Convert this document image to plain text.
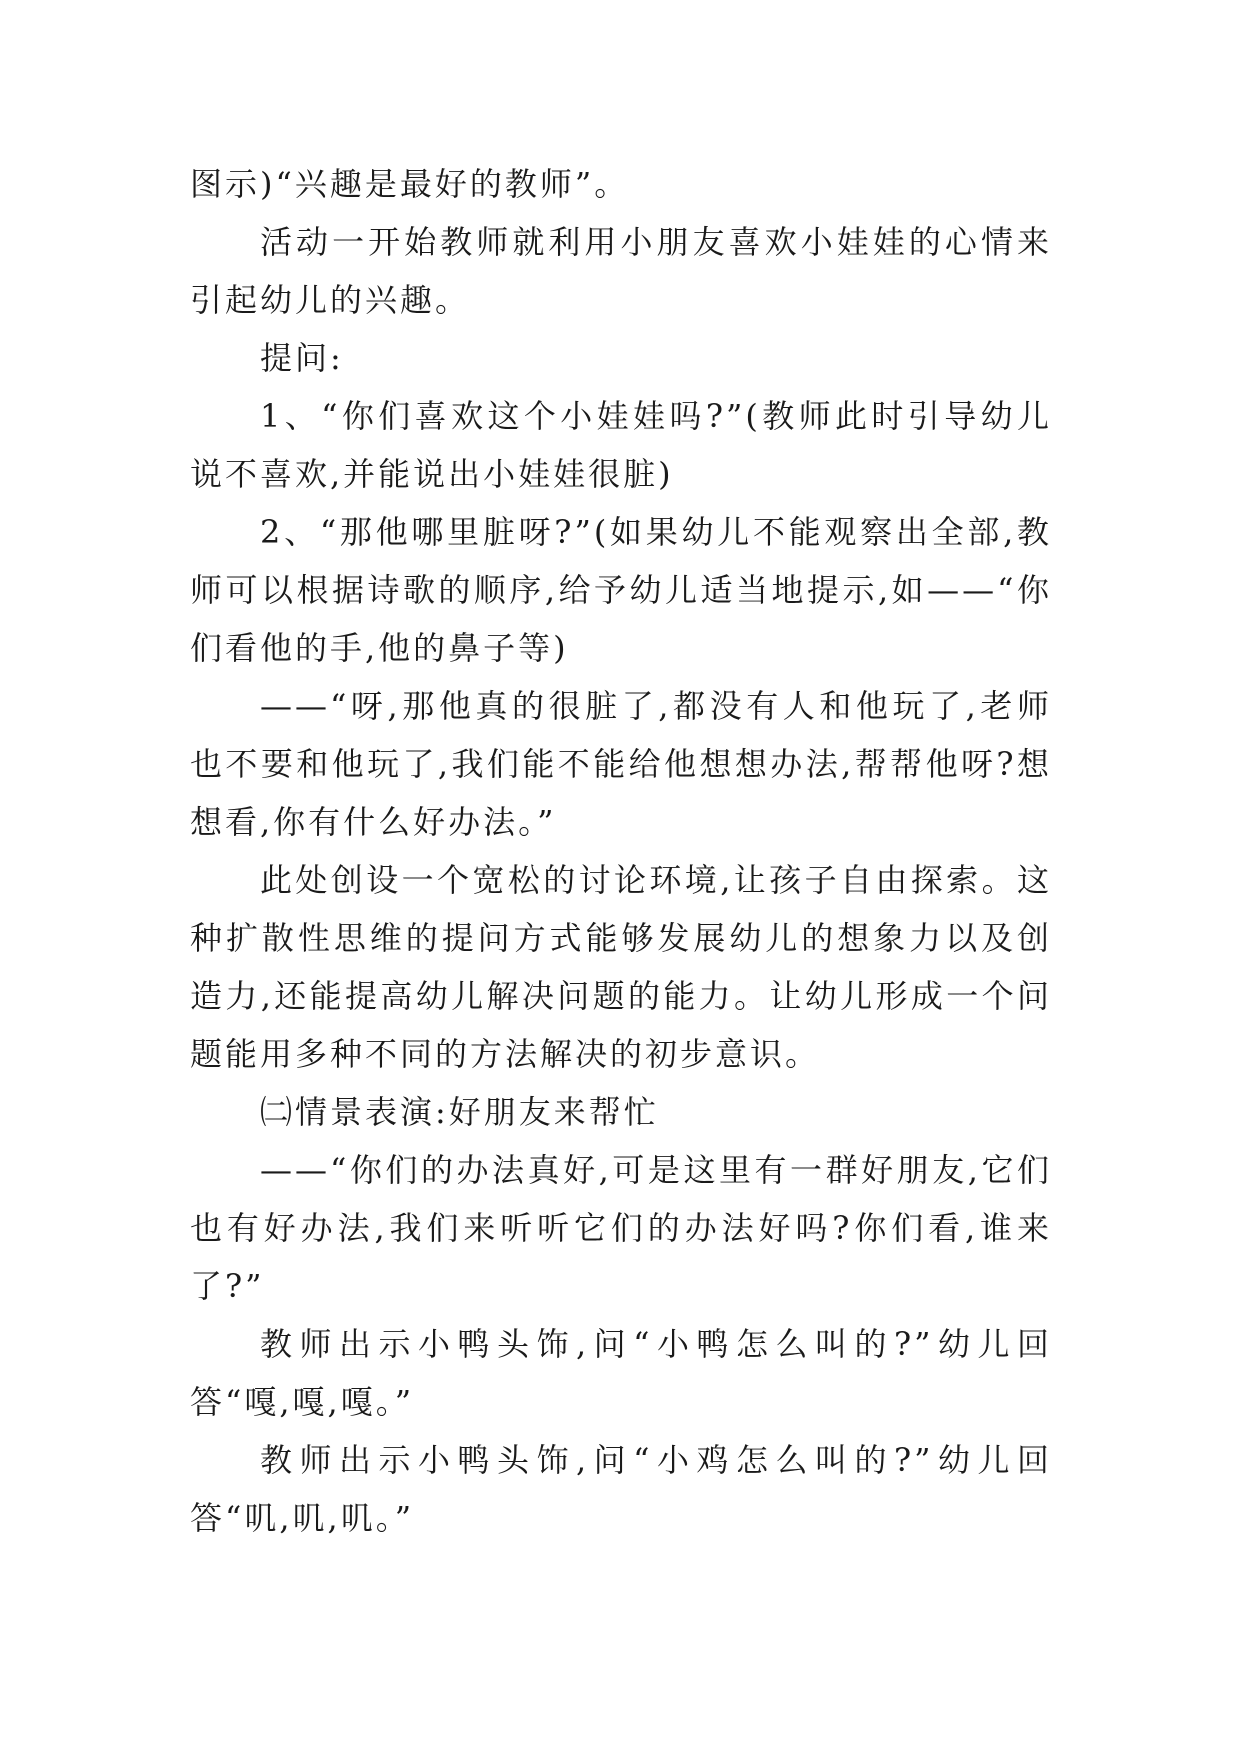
图示)“兴趣是最好的教师”。

活动一开始教师就利用小朋友喜欢小娃娃的心情来引起幼儿的兴趣。

提问:

1、“你们喜欢这个小娃娃吗?”(教师此时引导幼儿说不喜欢,并能说出小娃娃很脏)

2、“那他哪里脏呀?”(如果幼儿不能观察出全部,教师可以根据诗歌的顺序,给予幼儿适当地提示,如——“你们看他的手,他的鼻子等)

——“呀,那他真的很脏了,都没有人和他玩了,老师也不要和他玩了,我们能不能给他想想办法,帮帮他呀?想想看,你有什么好办法。”

此处创设一个宽松的讨论环境,让孩子自由探索。这种扩散性思维的提问方式能够发展幼儿的想象力以及创造力,还能提高幼儿解决问题的能力。让幼儿形成一个问题能用多种不同的方法解决的初步意识。

㈡情景表演:好朋友来帮忙

——“你们的办法真好,可是这里有一群好朋友,它们也有好办法,我们来听听它们的办法好吗?你们看,谁来了?”

教师出示小鸭头饰,问“小鸭怎么叫的?”幼儿回答“嘎,嘎,嘎。”

教师出示小鸭头饰,问“小鸡怎么叫的?”幼儿回答“叽,叽,叽。”
